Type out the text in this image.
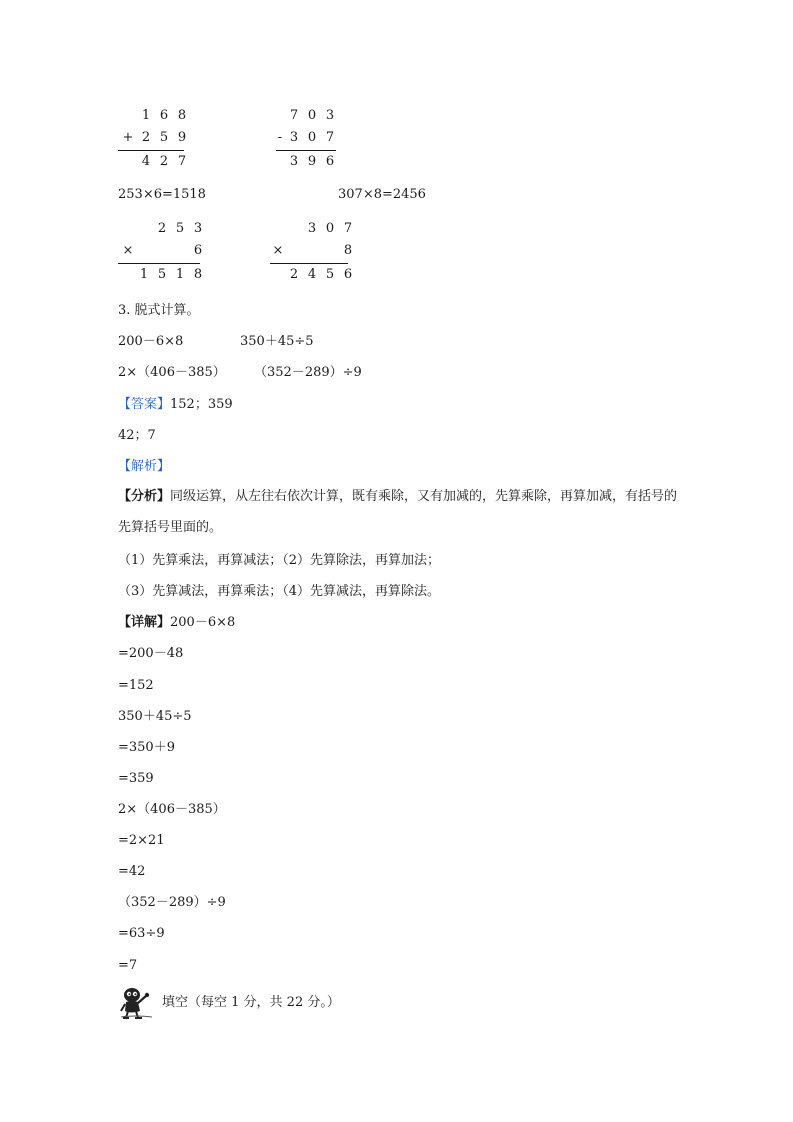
1 6 8
+ 2 5 9
4 2 7
7 0 3
- 3 0 7
3 9 6
253×6=1518	307×8=2456
2 5 3
×	6
1 5 1 8
3 0 7
×	8
2 4 5 6
3. 脱式计算。
200－6×8	350＋45÷5
2×（406－385） （352－289）÷9
【答案】152；359
42；7
【解析】
【分析】同级运算，从左往右依次计算，既有乘除，又有加减的，先算乘除，再算加减，有括号的先算括号里面的。
（1）先算乘法，再算减法；（2）先算除法，再算加法；
（3）先算减法，再算乘法；（4）先算减法，再算除法。
【详解】200－6×8
=200－48
=152
350＋45÷5
=350＋9
=359
2×（406－385）
=2×21
=42
（352－289）÷9
=63÷9
=7
填空（每空 1 分，共 22 分。）
